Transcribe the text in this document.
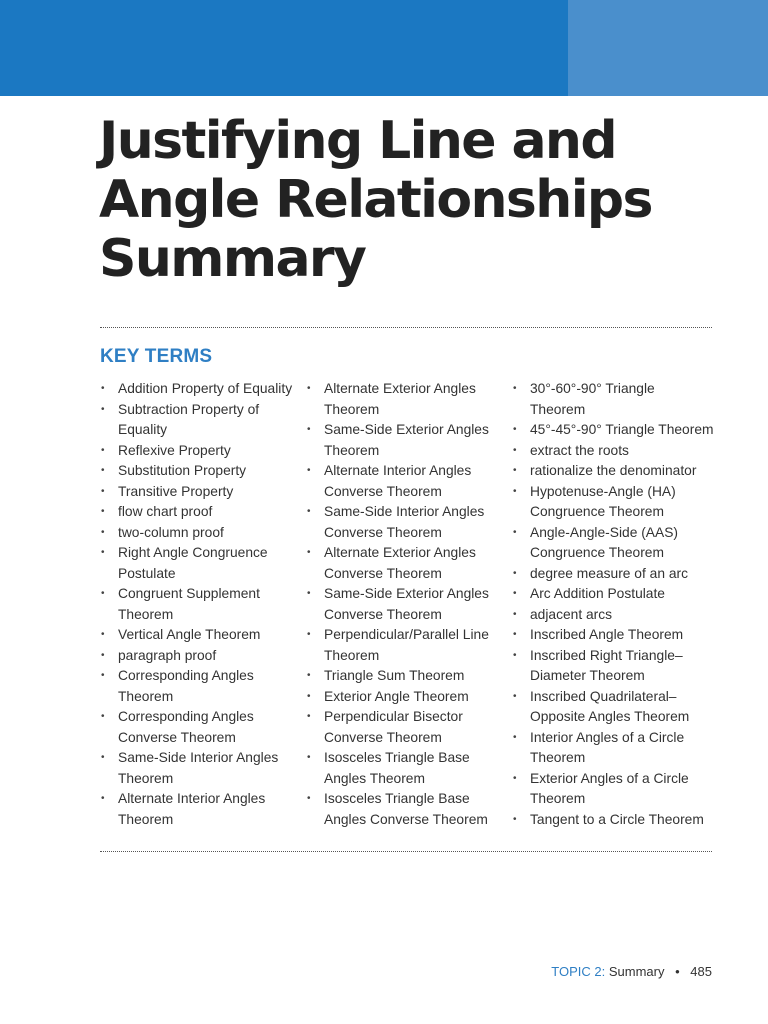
Justifying Line and
Angle Relationships
Summary
KEY TERMS
• Addition Property of Equality
• Subtraction Property of
Equality
• Reflexive Property
• Substitution Property
• Transitive Property
• flow chart proof
• two-column proof
• Right Angle Congruence
Postulate
• Congruent Supplement
Theorem
• Vertical Angle Theorem
• paragraph proof
• Corresponding Angles
Theorem
• Corresponding Angles
Converse Theorem
• Same-Side Interior Angles
Theorem
• Alternate Interior Angles
Theorem
• Alternate Exterior Angles
Theorem
• Same-Side Exterior Angles
Theorem
• Alternate Interior Angles
Converse Theorem
• Same-Side Interior Angles
Converse Theorem
• Alternate Exterior Angles
Converse Theorem
• Same-Side Exterior Angles
Converse Theorem
• Perpendicular/Parallel Line
Theorem
• Triangle Sum Theorem
• Exterior Angle Theorem
• Perpendicular Bisector
Converse Theorem
• Isosceles Triangle Base
Angles Theorem
• Isosceles Triangle Base
Angles Converse Theorem
• 30°-60°-90° Triangle
Theorem
• 45°-45°-90° Triangle Theorem
• extract the roots
• rationalize the denominator
• Hypotenuse-Angle (HA)
Congruence Theorem
• Angle-Angle-Side (AAS)
Congruence Theorem
• degree measure of an arc
• Arc Addition Postulate
• adjacent arcs
• Inscribed Angle Theorem
• Inscribed Right Triangle–
Diameter Theorem
• Inscribed Quadrilateral–
Opposite Angles Theorem
• Interior Angles of a Circle
Theorem
• Exterior Angles of a Circle
Theorem
• Tangent to a Circle Theorem
TOPIC 2: Summary • 485
